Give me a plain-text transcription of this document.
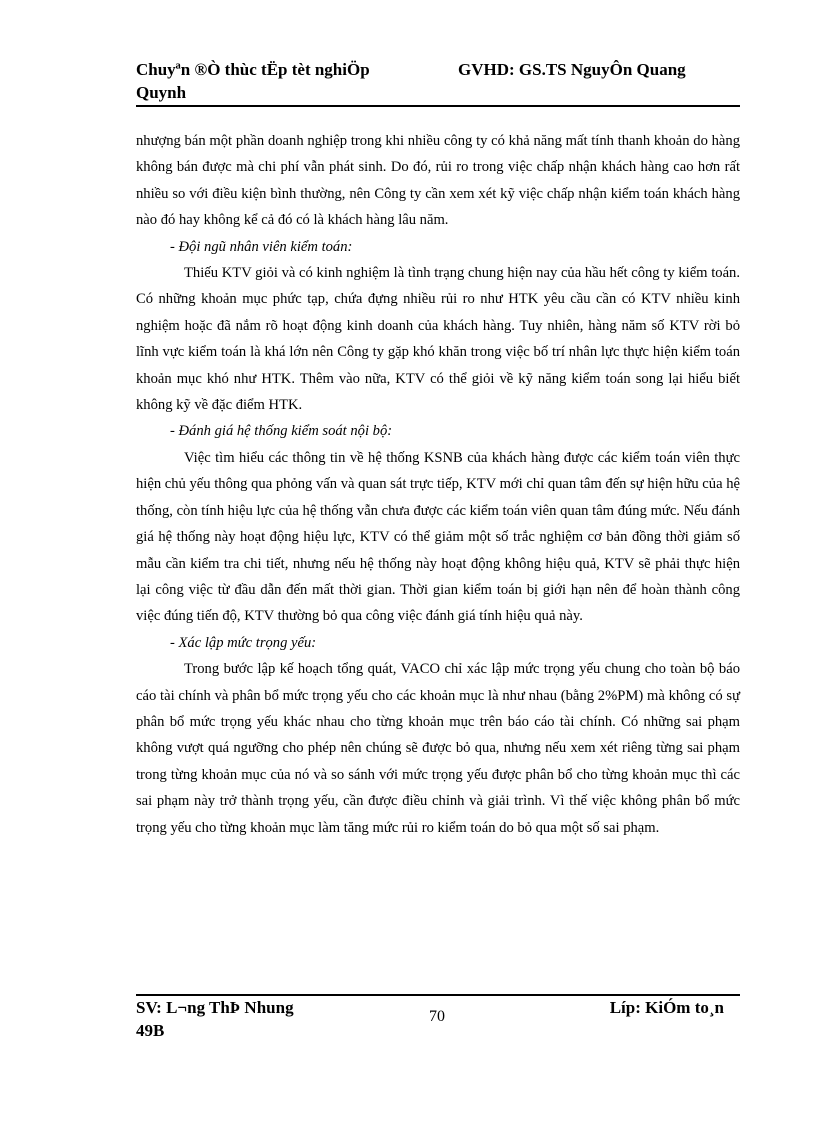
Chuyªn ®Ò thùc tËp tèt nghiÖp
Quynh
GVHD: GS.TS NguyÔn Quang

nhượng bán một phần doanh nghiệp trong khi nhiều công ty có khả năng mất tính thanh khoản do hàng không bán được mà chi phí vẫn phát sinh. Do đó, rủi ro trong việc chấp nhận khách hàng cao hơn rất nhiều so với điều kiện bình thường, nên Công ty cần xem xét kỹ việc chấp nhận kiểm toán khách hàng nào đó hay không kể cả đó có là khách hàng lâu năm.

- Đội ngũ nhân viên kiểm toán:

Thiếu KTV giỏi và có kinh nghiệm là tình trạng chung hiện nay của hầu hết công ty kiểm toán. Có những khoản mục phức tạp, chứa đựng nhiều rủi ro như HTK yêu cầu cần có KTV nhiều kinh nghiệm hoặc đã nắm rõ hoạt động kinh doanh của khách hàng. Tuy nhiên, hàng năm số KTV rời bỏ lĩnh vực kiểm toán là khá lớn nên Công ty gặp khó khăn trong việc bố trí nhân lực thực hiện kiểm toán khoản mục khó như HTK. Thêm vào nữa, KTV có thể giỏi về kỹ năng kiểm toán song lại hiểu biết không kỹ về đặc điểm HTK.

- Đánh giá hệ thống kiểm soát nội bộ:

Việc tìm hiểu các thông tin về hệ thống KSNB của khách hàng được các kiểm toán viên thực hiện chủ yếu thông qua phỏng vấn và quan sát trực tiếp, KTV mới chỉ quan tâm đến sự hiện hữu của hệ thống, còn tính hiệu lực của hệ thống vẫn chưa được các kiểm toán viên quan tâm đúng mức. Nếu đánh giá hệ thống này hoạt động hiệu lực, KTV có thể giảm một số trắc nghiệm cơ bản đồng thời giảm số mẫu cần kiểm tra chi tiết, nhưng nếu hệ thống này hoạt động không hiệu quả, KTV sẽ phải thực hiện lại công việc từ đầu dẫn đến mất thời gian. Thời gian kiểm toán bị giới hạn nên để hoàn thành công việc đúng tiến độ, KTV thường bỏ qua công việc đánh giá tính hiệu quả này.

- Xác lập mức trọng yếu:

Trong bước lập kế hoạch tổng quát, VACO chỉ xác lập mức trọng yếu chung cho toàn bộ báo cáo tài chính và phân bổ mức trọng yếu cho các khoản mục là như nhau (bằng 2%PM) mà không có sự phân bổ mức trọng yếu khác nhau cho từng khoản mục trên báo cáo tài chính. Có những sai phạm không vượt quá ngưỡng cho phép nên chúng sẽ được bỏ qua, nhưng nếu xem xét riêng từng sai phạm trong từng khoản mục của nó và so sánh với mức trọng yếu được phân bổ cho từng khoản mục thì các sai phạm này trở thành trọng yếu, cần được điều chỉnh và giải trình. Vì thế việc không phân bổ mức trọng yếu cho từng khoản mục làm tăng mức rủi ro kiểm toán do bỏ qua một số sai phạm.

SV: L¬ng ThÞ Nhung
49B
70	Líp: KiÓm to¸n
